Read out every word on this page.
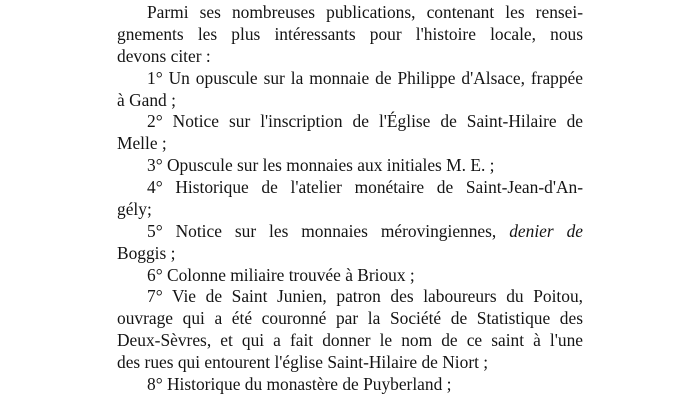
Parmi ses nombreuses publications, contenant les rensei-
gnements les plus intéressants pour l'histoire locale, nous
devons citer :
1° Un opuscule sur la monnaie de Philippe d'Alsace, frappée
à Gand ;
2° Notice sur l'inscription de l'Église de Saint-Hilaire de
Melle ;
3° Opuscule sur les monnaies aux initiales M. E. ;
4° Historique de l'atelier monétaire de Saint-Jean-d'An-
gély;
5° Notice sur les monnaies mérovingiennes, denier de
Boggis ;
6° Colonne miliaire trouvée à Brioux ;
7° Vie de Saint Junien, patron des laboureurs du Poitou,
ouvrage qui a été couronné par la Société de Statistique des
Deux-Sèvres, et qui a fait donner le nom de ce saint à l'une
des rues qui entourent l'église Saint-Hilaire de Niort ;
8° Historique du monastère de Puyberland ;
